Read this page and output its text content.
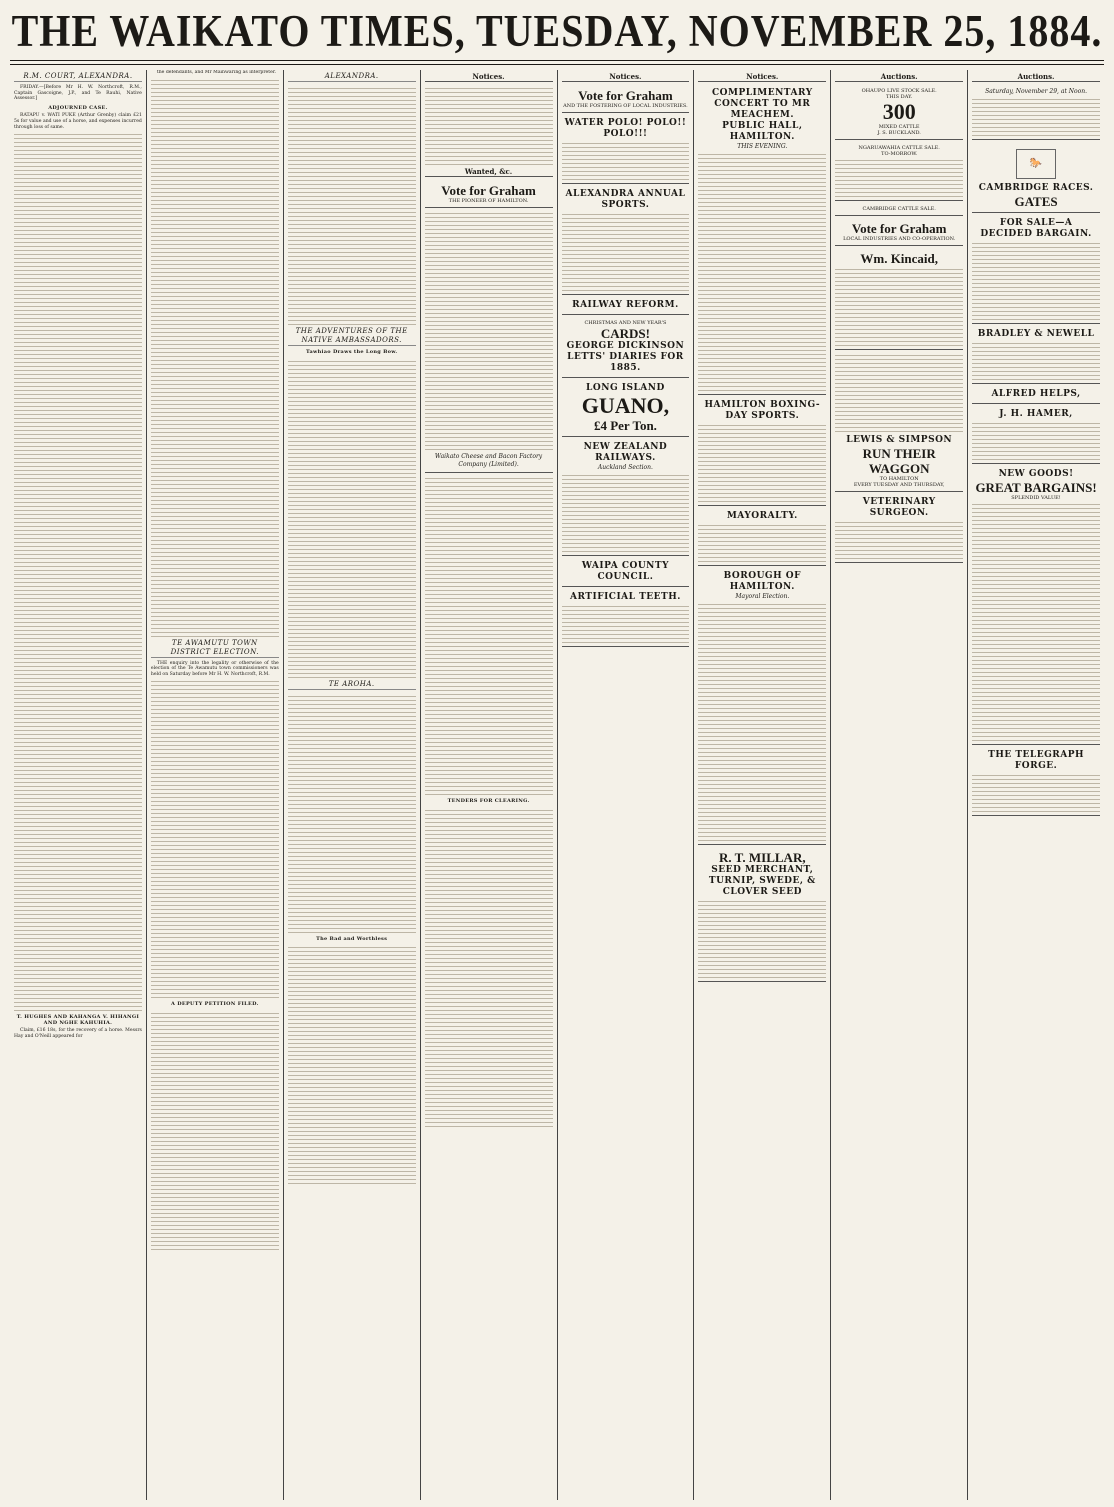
THE WAIKATO TIMES, TUESDAY, NOVEMBER 25, 1884.
R.M. COURT, ALEXANDRA.

FRIDAY.—[Before Mr H. W. Northcroft, R.M., Captain Gascoigne, J.P., and Te Rauhi, Native Assessor.]

ADJOURNED CASE.

RATAPU v. WATI PUKE (Arthur Grenby) claim £21 5s for value and use of a horse, and expenses incurred through loss of same.

T. HUGHES AND KAHANGA V. HIHANGI AND NGHE KAHUHIA.

Claim, £16 18s, for the recovery of a horse. Messrs Hay and O'Neill appeared for

the defendants, and Mr Mainwaring as interpreter.

TE AWAMUTU TOWN DISTRICT ELECTION.

THE enquiry into the legality or otherwise of the election of the Te Awamutu town commissioners was held on Saturday before Mr H. W. Northcroft, R.M.

A DEPUTY PETITION FILED.
ALEXANDRA.
THE ADVENTURES OF THE NATIVE AMBASSADORS.
Tawhiao Draws the Long Bow.
TE AROHA.
The Bad and Worthless
Notices.
Wanted, &c.
Vote for Graham
THE PIONEER OF HAMILTON.
Waikato Cheese and Bacon Factory Company (Limited).
TENDERS FOR CLEARING.
Notices.
Vote for Graham
AND THE FOSTERING OF LOCAL INDUSTRIES.
WATER POLO! POLO!! POLO!!!
ALEXANDRA ANNUAL SPORTS.
RAILWAY REFORM.
CHRISTMAS AND NEW YEAR'S
CARDS!
GEORGE DICKINSON
LETTS' DIARIES FOR 1885.
LONG ISLAND
GUANO,
£4 Per Ton.
NEW ZEALAND RAILWAYS.
Auckland Section.
WAIPA COUNTY COUNCIL.
ARTIFICIAL TEETH.
Notices.
COMPLIMENTARY CONCERT TO MR MEACHEM.
PUBLIC HALL, HAMILTON.
THIS EVENING.
HAMILTON BOXING-DAY SPORTS.
MAYORALTY.
BOROUGH OF HAMILTON.
Mayoral Election.
R. T. MILLAR,
SEED MERCHANT,
TURNIP, SWEDE, & CLOVER SEED
Auctions.
OHAUPO LIVE STOCK SALE.
THIS DAY.
300
MIXED CATTLE
J. S. BUCKLAND.
NGARUAWAHIA CATTLE SALE.
TO-MORROW.
CAMBRIDGE CATTLE SALE.
Vote for Graham
LOCAL INDUSTRIES AND CO-OPERATION.
Wm. Kincaid,
LEWIS & SIMPSON
RUN THEIR WAGGON
TO HAMILTON
EVERY TUESDAY AND THURSDAY,
VETERINARY SURGEON.
Auctions.
Saturday, November 29, at Noon.
🐎
CAMBRIDGE RACES.
GATES
FOR SALE—A DECIDED BARGAIN.
BRADLEY & NEWELL
ALFRED HELPS,
J. H. HAMER,
NEW GOODS!
GREAT BARGAINS!
SPLENDID VALUE!
THE TELEGRAPH FORGE.
